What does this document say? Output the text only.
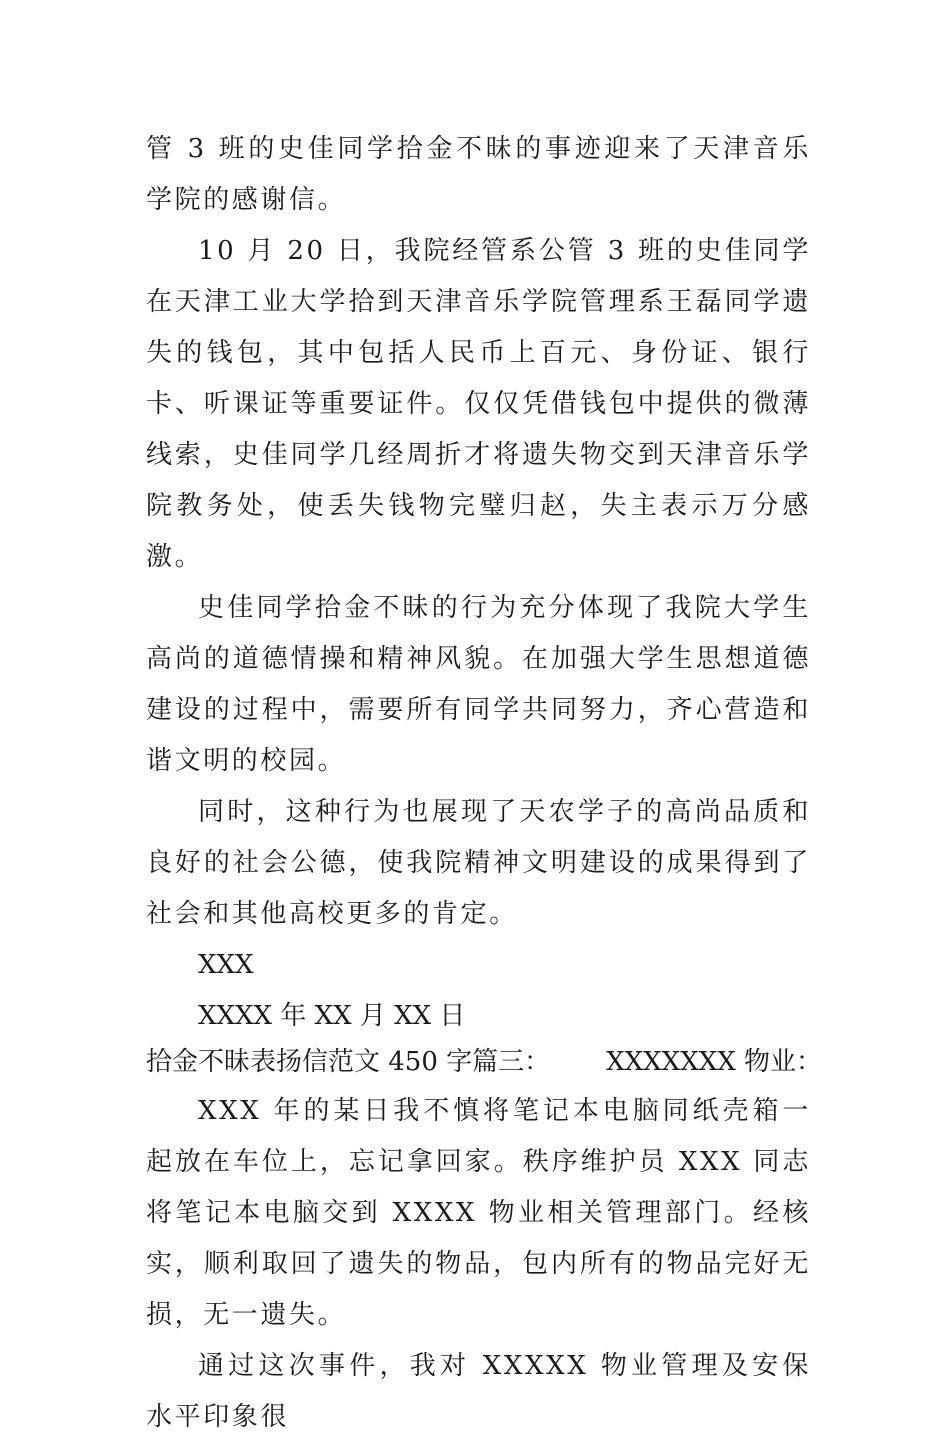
管 3 班的史佳同学拾金不昧的事迹迎来了天津音乐学院的感谢信。

10 月 20 日，我院经管系公管 3 班的史佳同学在天津工业大学拾到天津音乐学院管理系王磊同学遗失的钱包，其中包括人民币上百元、身份证、银行卡、听课证等重要证件。仅仅凭借钱包中提供的微薄线索，史佳同学几经周折才将遗失物交到天津音乐学院教务处，使丢失钱物完璧归赵，失主表示万分感激。

史佳同学拾金不昧的行为充分体现了我院大学生高尚的道德情操和精神风貌。在加强大学生思想道德建设的过程中，需要所有同学共同努力，齐心营造和谐文明的校园。

同时，这种行为也展现了天农学子的高尚品质和良好的社会公德，使我院精神文明建设的成果得到了社会和其他高校更多的肯定。

XXX

XXXX 年 XX 月 XX 日

拾金不昧表扬信范文 450 字篇三： XXXXXXX 物业：

XXX 年的某日我不慎将笔记本电脑同纸壳箱一起放在车位上，忘记拿回家。秩序维护员 XXX 同志将笔记本电脑交到 XXXX 物业相关管理部门。经核实，顺利取回了遗失的物品，包内所有的物品完好无损，无一遗失。

通过这次事件，我对 XXXXX 物业管理及安保水平印象很
